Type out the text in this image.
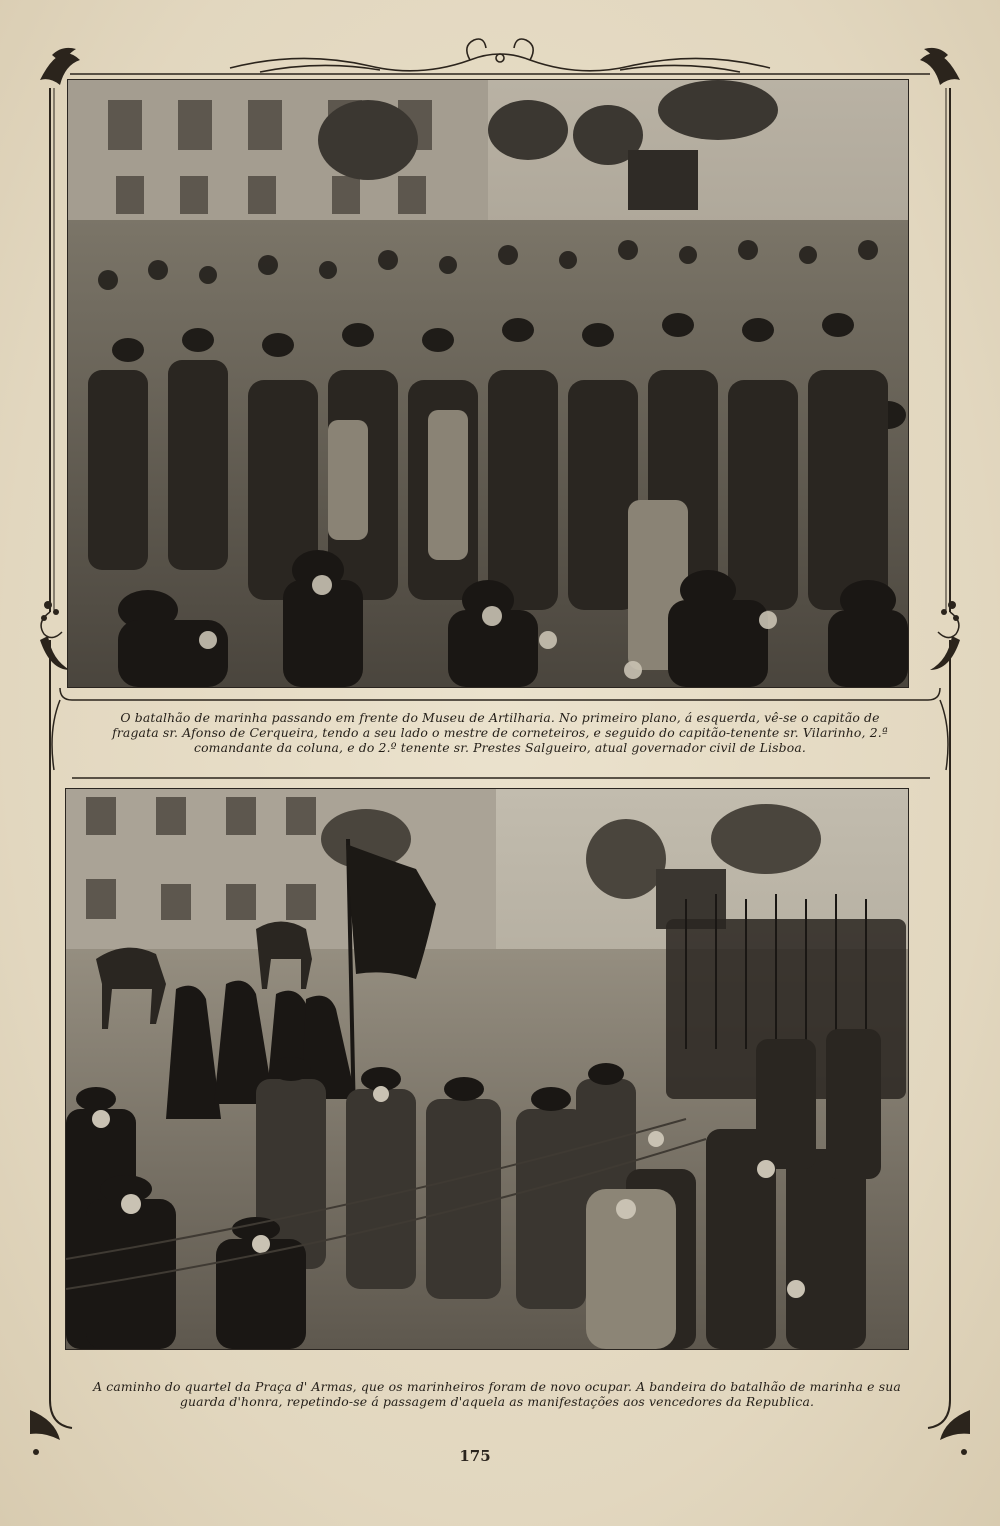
O batalhão de marinha passando em frente do Museu de Artilharia. No primeiro plano, á esquerda, vê-se o capitão de fragata sr. Afonso de Cerqueira, tendo a seu lado o mestre de corneteiros, e seguido do capitão-tenente sr. Vilarinho, 2.ª comandante da coluna, e do 2.º tenente sr. Prestes Salgueiro, atual governador civil de Lisboa.
A caminho do quartel da Praça d' Armas, que os marinheiros foram de novo ocupar. A bandeira do batalhão de marinha e sua guarda d'honra, repetindo-se á passagem d'aquela as manifestações aos vencedores da Republica.
175
